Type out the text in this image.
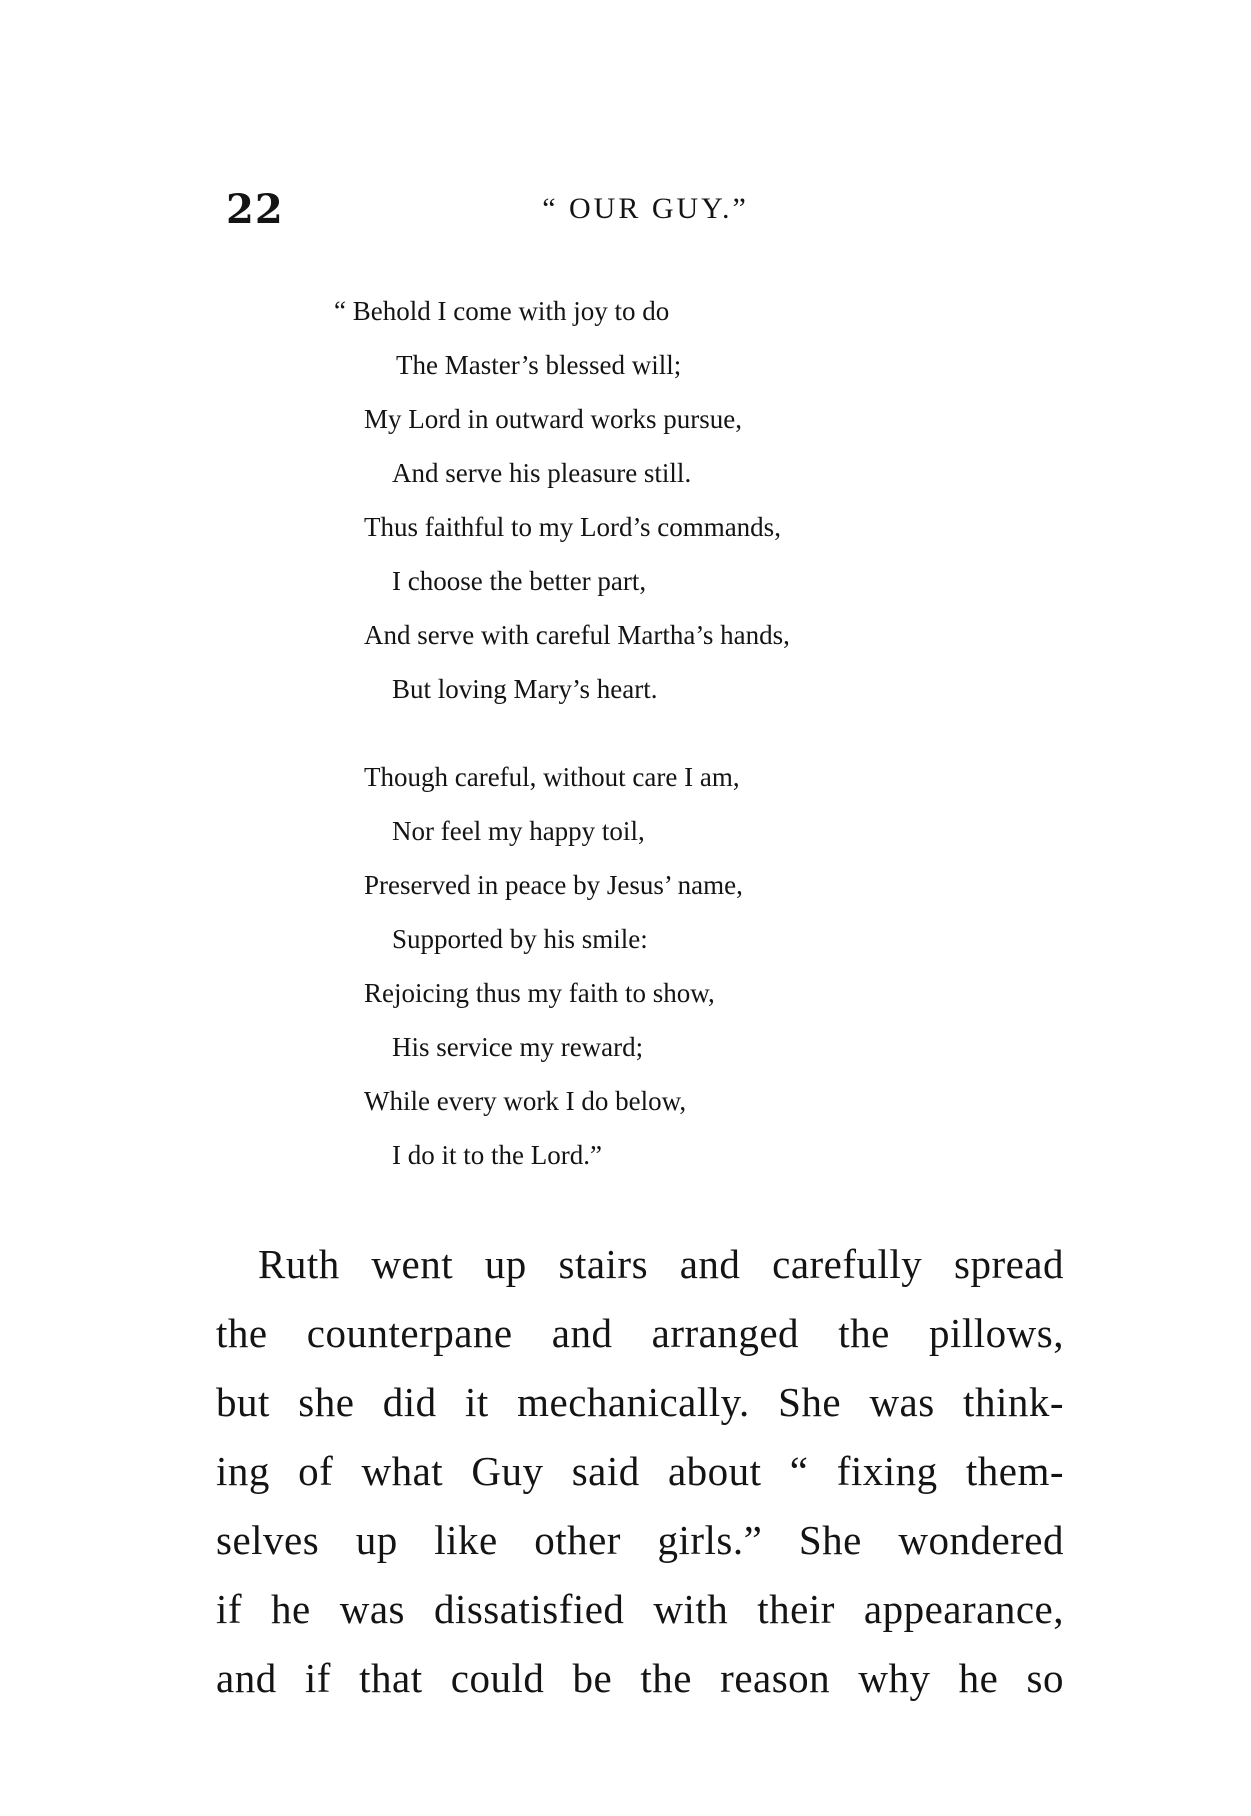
22	“ OUR GUY.”
“ Behold I come with joy to do
The Master’s blessed will;
My Lord in outward works pursue,
And serve his pleasure still.
Thus faithful to my Lord’s commands,
I choose the better part,
And serve with careful Martha’s hands,
But loving Mary’s heart.
Though careful, without care I am,
Nor feel my happy toil,
Preserved in peace by Jesus’ name,
Supported by his smile:
Rejoicing thus my faith to show,
His service my reward;
While every work I do below,
I do it to the Lord.”
Ruth went up stairs and carefully spread
the counterpane and arranged the pillows,
but she did it mechanically. She was think-
ing of what Guy said about “ fixing them-
selves up like other girls.” She wondered
if he was dissatisfied with their appearance,
and if that could be the reason why he so
